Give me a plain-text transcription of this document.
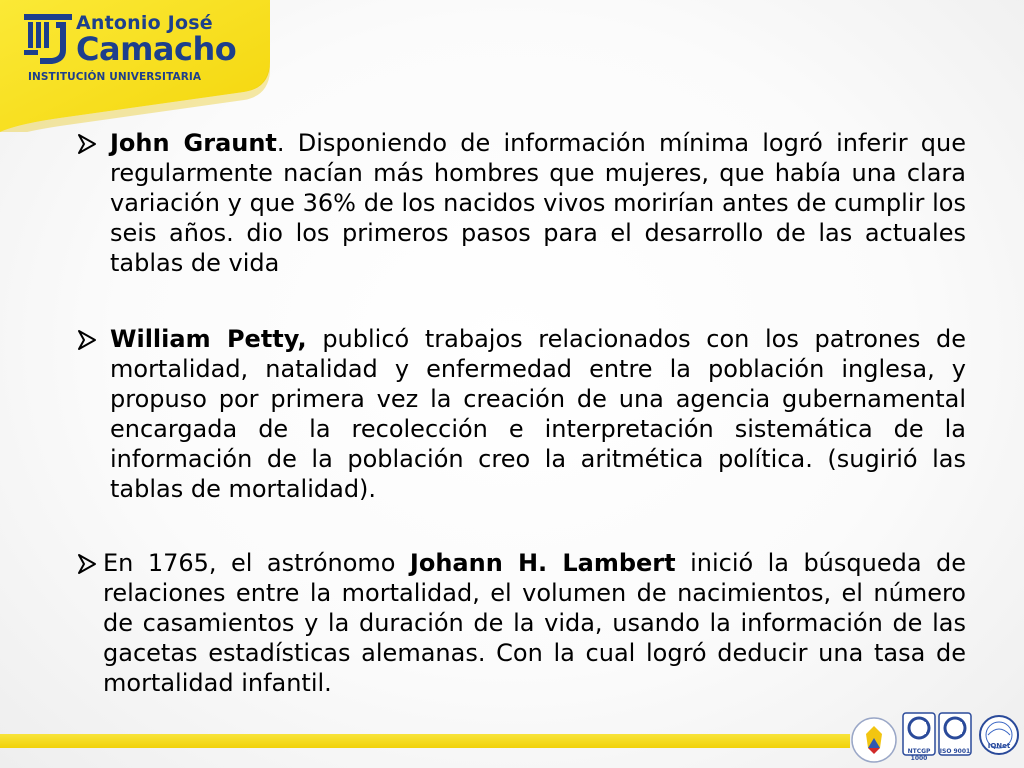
Antonio José
Camacho
INSTITUCIÓN UNIVERSITARIA
John Graunt. Disponiendo de información mínima logró inferir que regularmente nacían más hombres que mujeres, que había una clara variación y que 36% de los nacidos vivos morirían antes de cumplir los seis años. dio los primeros pasos para el desarrollo de las actuales tablas de vida
William Petty, publicó trabajos relacionados con los patrones de mortalidad, natalidad y enfermedad entre la población inglesa, y propuso por primera vez la creación de una agencia gubernamental encargada de la recolección e interpretación sistemática de la información de la población creo la aritmética política. (sugirió las tablas de mortalidad).
En 1765, el astrónomo Johann H. Lambert inició la búsqueda de relaciones entre la mortalidad, el volumen de nacimientos, el número de casamientos y la duración de la vida, usando la información de las gacetas estadísticas alemanas. Con la cual logró deducir una tasa de mortalidad infantil.
NTCGP 1000
ISO 9001
IQNet
